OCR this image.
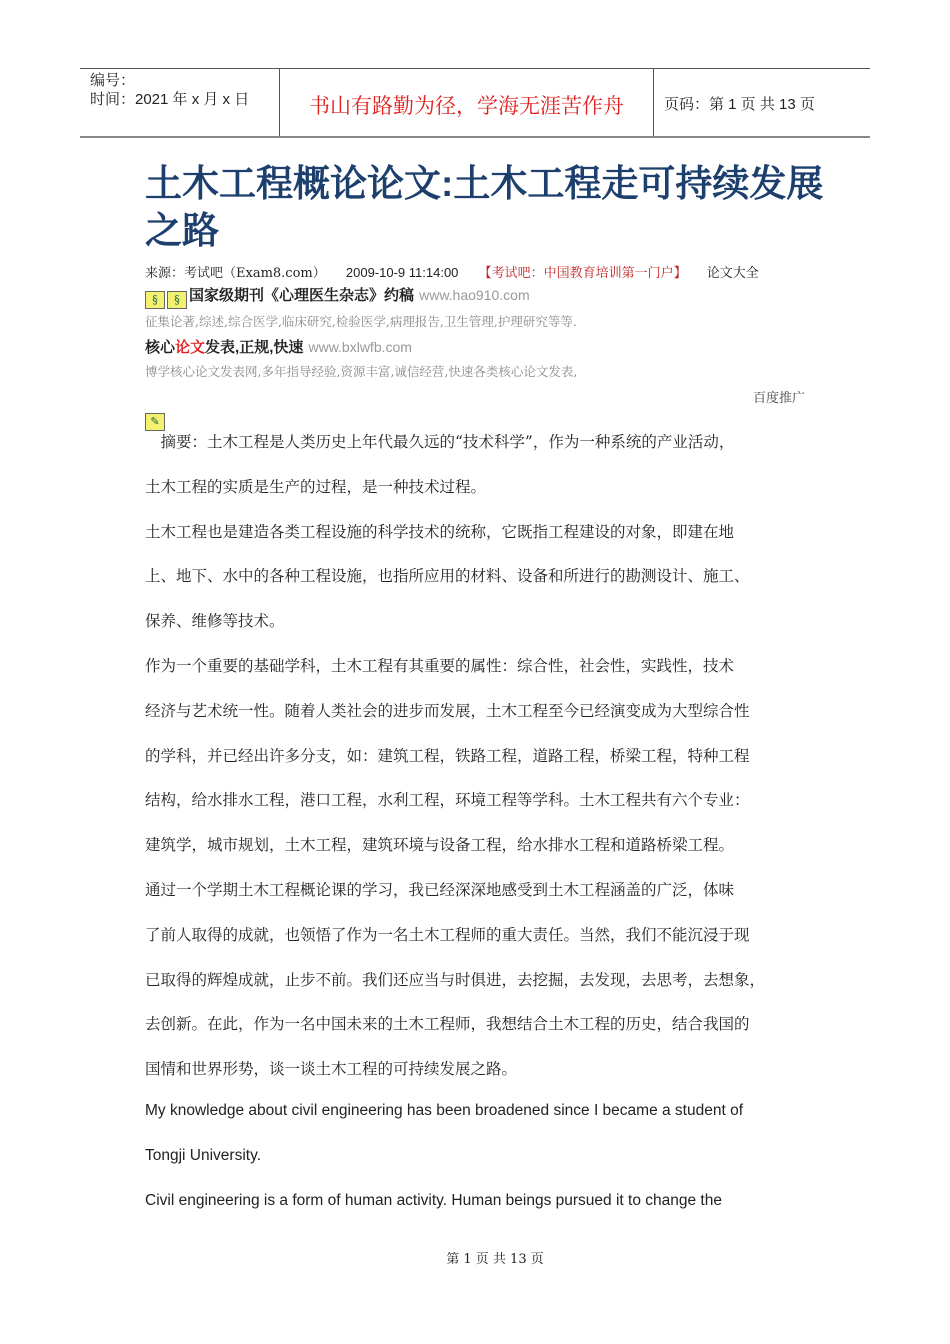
编号：
时间：2021 年 x 月 x 日	书山有路勤为径，学海无涯苦作舟	页码：第 1 页 共 13 页
土木工程概论论文:土木工程走可持续发展之路
来源：考试吧（Exam8.com） 2009-10-9 11:14:00 【考试吧：中国教育培训第一门户】 论文大全
§ § 国家级期刊《心理医生杂志》约稿 www.hao910.com
征集论著,综述,综合医学,临床研究,检验医学,病理报告,卫生管理,护理研究等等.
核心论文发表,正规,快速 www.bxlwfb.com
博学核心论文发表网,多年指导经验,资源丰富,诚信经营,快速各类核心论文发表,
百度推广
✎
　摘要：土木工程是人类历史上年代最久远的“技术科学”，作为一种系统的产业活动，
土木工程的实质是生产的过程，是一种技术过程。
土木工程也是建造各类工程设施的科学技术的统称，它既指工程建设的对象，即建在地
上、地下、水中的各种工程设施，也指所应用的材料、设备和所进行的勘测设计、施工、
保养、维修等技术。
作为一个重要的基础学科，土木工程有其重要的属性：综合性，社会性，实践性，技术
经济与艺术统一性。随着人类社会的进步而发展，土木工程至今已经演变成为大型综合性
的学科，并已经出许多分支，如：建筑工程，铁路工程，道路工程，桥梁工程，特种工程
结构，给水排水工程，港口工程，水利工程，环境工程等学科。土木工程共有六个专业：
建筑学，城市规划，土木工程，建筑环境与设备工程，给水排水工程和道路桥梁工程。
通过一个学期土木工程概论课的学习，我已经深深地感受到土木工程涵盖的广泛，体味
了前人取得的成就，也领悟了作为一名土木工程师的重大责任。当然，我们不能沉浸于现
已取得的辉煌成就，止步不前。我们还应当与时俱进，去挖掘，去发现，去思考，去想象，
去创新。在此，作为一名中国未来的土木工程师，我想结合土木工程的历史，结合我国的
国情和世界形势，谈一谈土木工程的可持续发展之路。
My knowledge about civil engineering has been broadened since I became a student of
Tongji University.
Civil engineering is a form of human activity. Human beings pursued it to change the
第 1 页 共 13 页
